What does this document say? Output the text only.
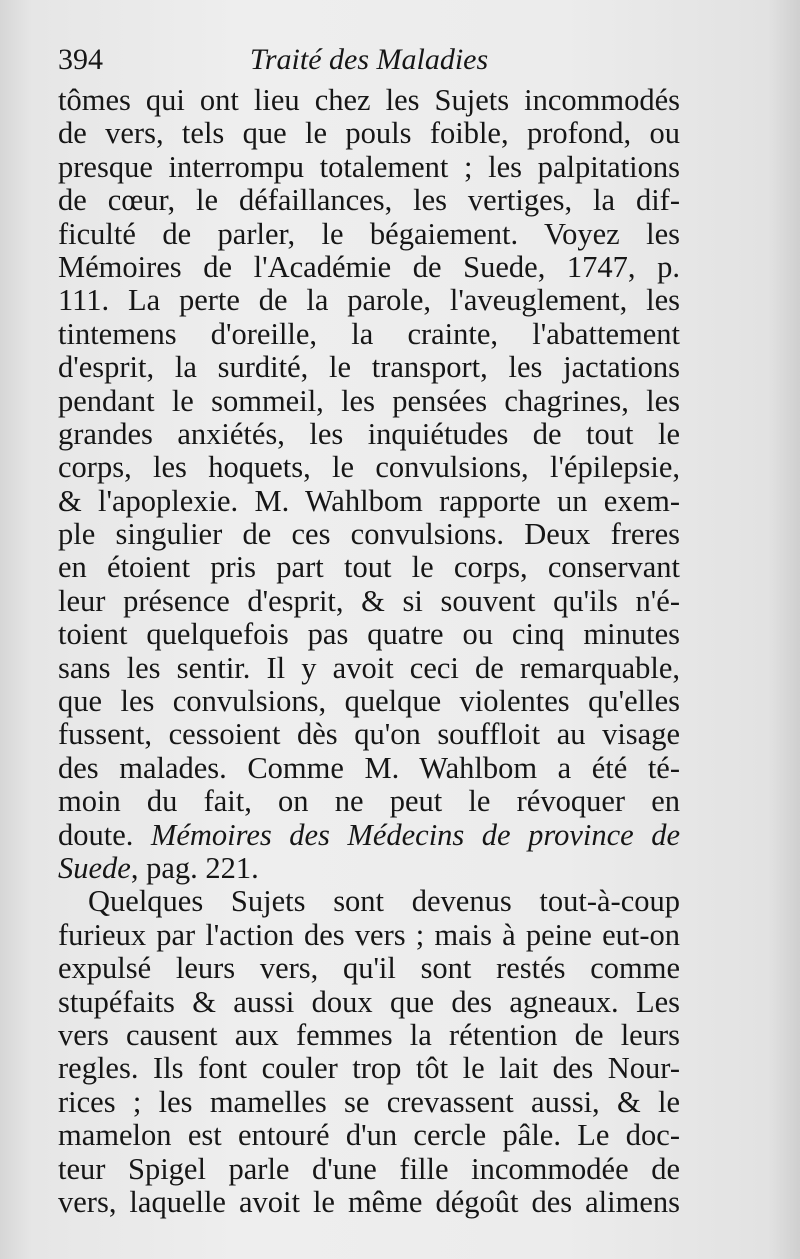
394	Traité des Maladies
tômes qui ont lieu chez les Sujets incommodés
de vers, tels que le pouls foible, profond, ou
presque interrompu totalement ; les palpitations
de cœur, le défaillances, les vertiges, la dif-
ficulté de parler, le bégaiement. Voyez les
Mémoires de l'Académie de Suede, 1747, p.
111. La perte de la parole, l'aveuglement, les
tintemens d'oreille, la crainte, l'abattement
d'esprit, la surdité, le transport, les jactations
pendant le sommeil, les pensées chagrines, les
grandes anxiétés, les inquiétudes de tout le
corps, les hoquets, le convulsions, l'épilepsie,
& l'apoplexie. M. Wahlbom rapporte un exem-
ple singulier de ces convulsions. Deux freres
en étoient pris part tout le corps, conservant
leur présence d'esprit, & si souvent qu'ils n'é-
toient quelquefois pas quatre ou cinq minutes
sans les sentir. Il y avoit ceci de remarquable,
que les convulsions, quelque violentes qu'elles
fussent, cessoient dès qu'on souffloit au visage
des malades. Comme M. Wahlbom a été té-
moin du fait, on ne peut le révoquer en
doute. Mémoires des Médecins de province de
Suede, pag. 221.
Quelques Sujets sont devenus tout-à-coup
furieux par l'action des vers ; mais à peine eut-on
expulsé leurs vers, qu'il sont restés comme
stupéfaits & aussi doux que des agneaux. Les
vers causent aux femmes la rétention de leurs
regles. Ils font couler trop tôt le lait des Nour-
rices ; les mamelles se crevassent aussi, & le
mamelon est entouré d'un cercle pâle. Le doc-
teur Spigel parle d'une fille incommodée de
vers, laquelle avoit le même dégoût des alimens
